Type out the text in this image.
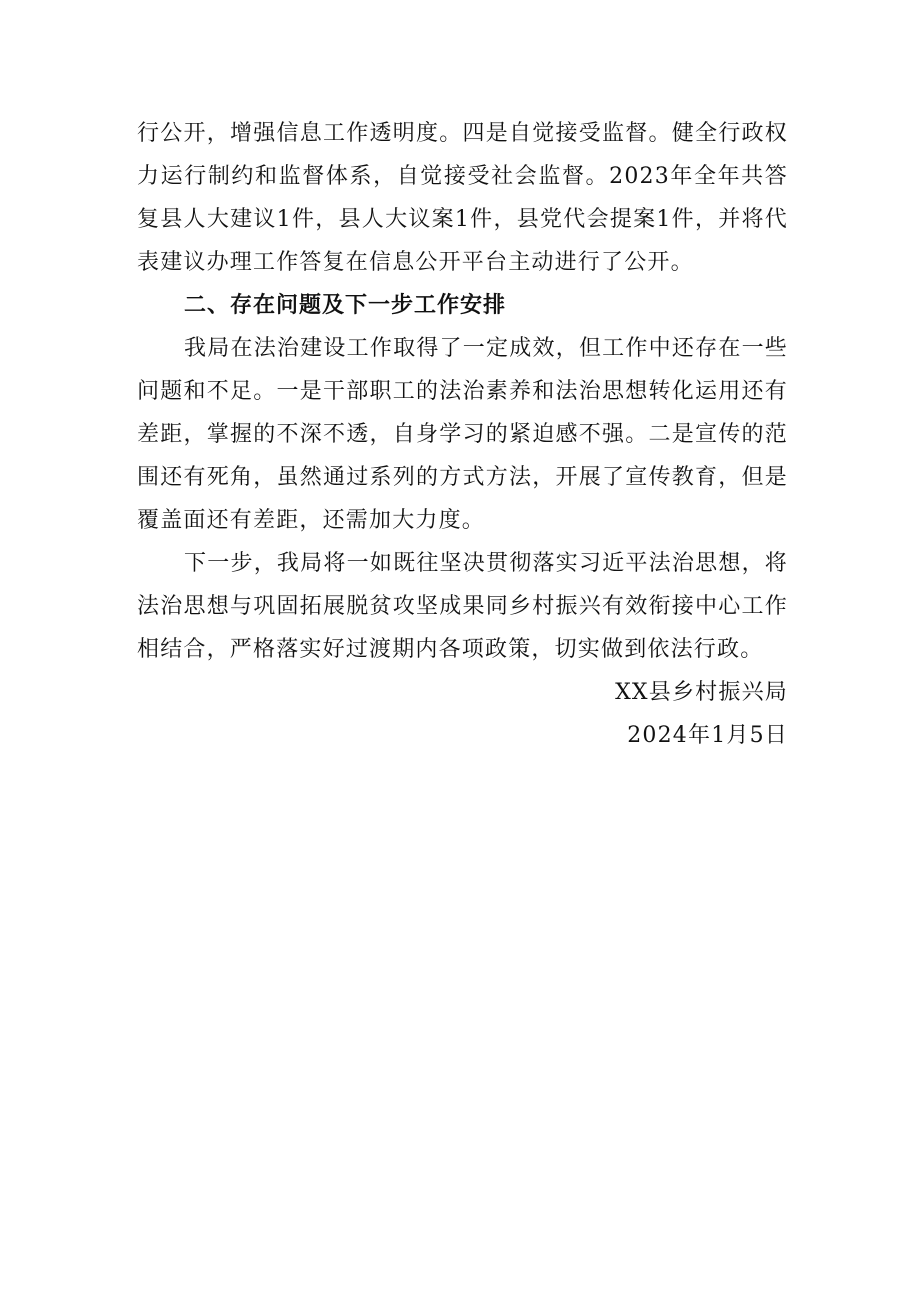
行公开，增强信息工作透明度。四是自觉接受监督。健全行政权力运行制约和监督体系，自觉接受社会监督。2023年全年共答复县人大建议1件，县人大议案1件，县党代会提案1件，并将代表建议办理工作答复在信息公开平台主动进行了公开。

二、存在问题及下一步工作安排

我局在法治建设工作取得了一定成效，但工作中还存在一些问题和不足。一是干部职工的法治素养和法治思想转化运用还有差距，掌握的不深不透，自身学习的紧迫感不强。二是宣传的范围还有死角，虽然通过系列的方式方法，开展了宣传教育，但是覆盖面还有差距，还需加大力度。

下一步，我局将一如既往坚决贯彻落实习近平法治思想，将法治思想与巩固拓展脱贫攻坚成果同乡村振兴有效衔接中心工作相结合，严格落实好过渡期内各项政策，切实做到依法行政。

XX县乡村振兴局

2024年1月5日
